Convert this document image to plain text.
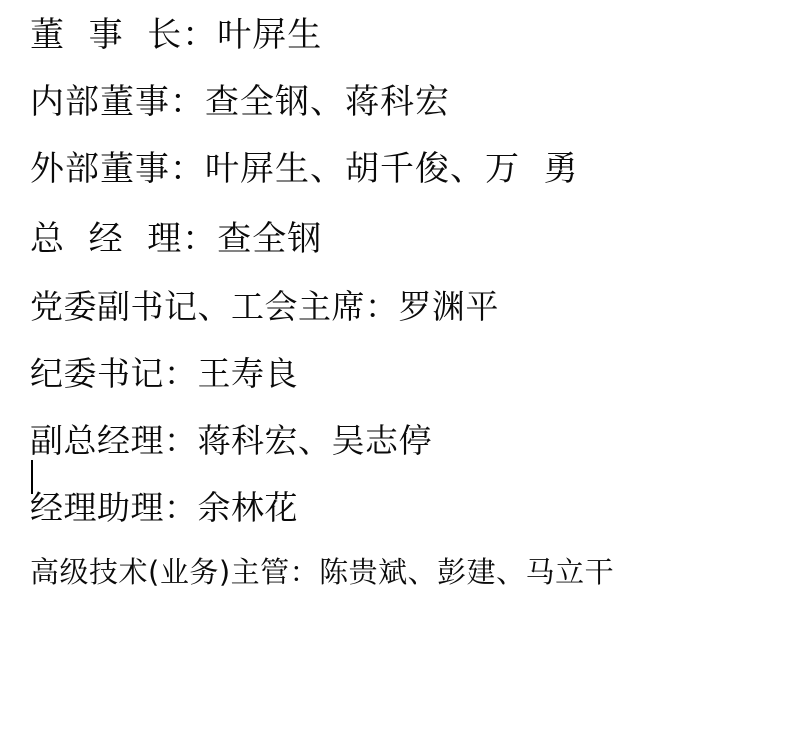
董  事  长：叶屏生
内部董事：查全钢、蒋科宏
外部董事：叶屏生、胡千俊、万  勇
总  经  理：查全钢
党委副书记、工会主席：罗渊平
纪委书记：王寿良
副总经理：蒋科宏、吴志停
经理助理：余林花
高级技术(业务)主管：陈贵斌、彭建、马立干
